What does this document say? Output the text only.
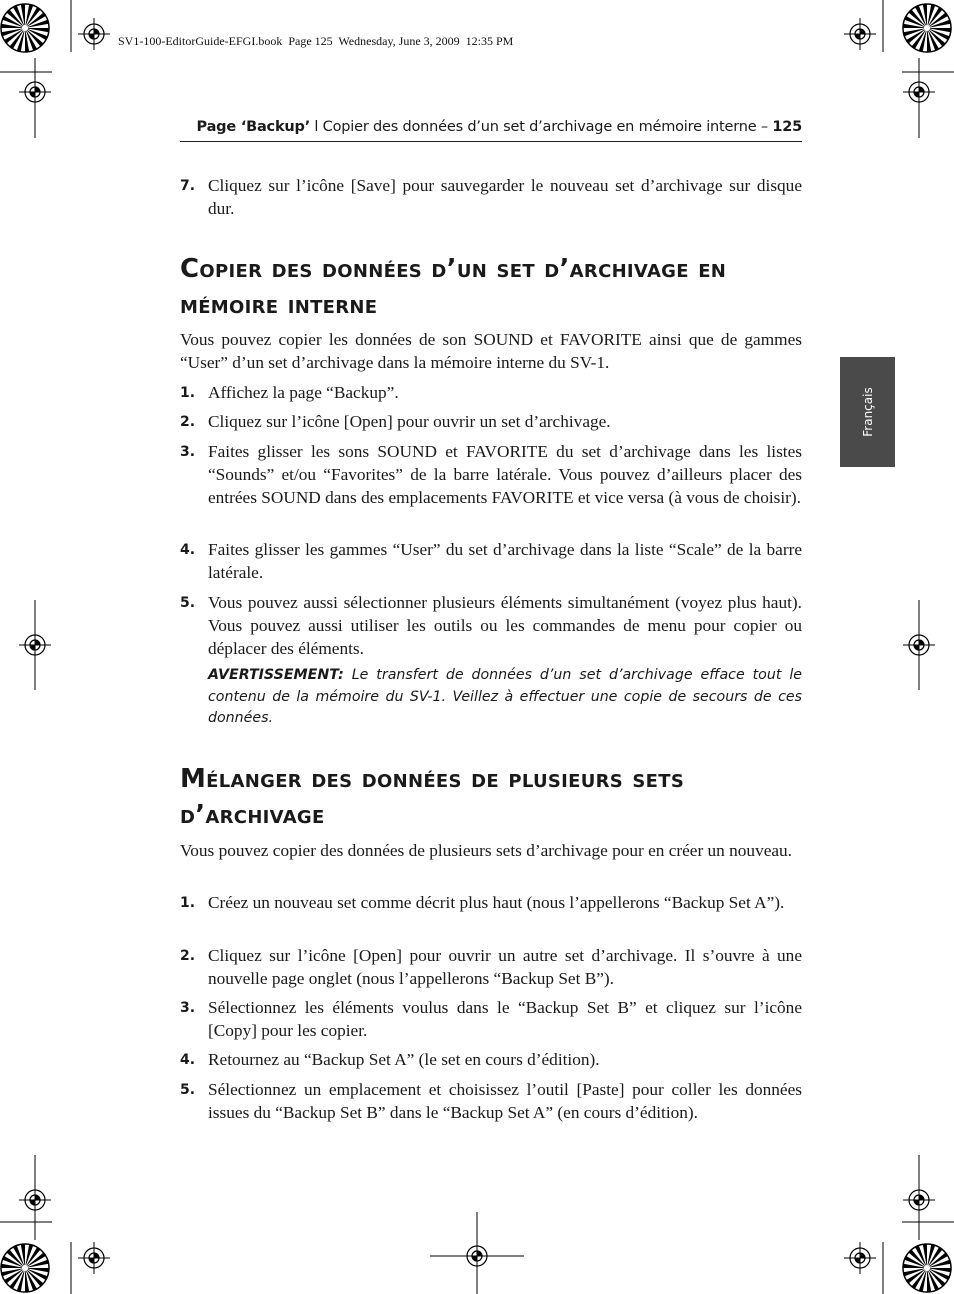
SV1-100-EditorGuide-EFGI.book  Page 125  Wednesday, June 3, 2009  12:35 PM
Page ‘Backup’ l Copier des données d’un set d’archivage en mémoire interne – 125
Français
7. Cliquez sur l’icône [Save] pour sauvegarder le nouveau set d’archivage sur disque dur.
Copier des données d’un set d’archivage en mémoire interne
Vous pouvez copier les données de son SOUND et FAVORITE ainsi que de gammes “User” d’un set d’archivage dans la mémoire interne du SV-1.
1. Affichez la page “Backup”.
2. Cliquez sur l’icône [Open] pour ouvrir un set d’archivage.
3. Faites glisser les sons SOUND et FAVORITE du set d’archivage dans les listes “Sounds” et/ou “Favorites” de la barre latérale. Vous pouvez d’ailleurs placer des entrées SOUND dans des emplacements FAVORITE et vice versa (à vous de choisir).
4. Faites glisser les gammes “User” du set d’archivage dans la liste “Scale” de la barre latérale.
5. Vous pouvez aussi sélectionner plusieurs éléments simultanément (voyez plus haut). Vous pouvez aussi utiliser les outils ou les commandes de menu pour copier ou déplacer des éléments.
AVERTISSEMENT: Le transfert de données d’un set d’archivage efface tout le contenu de la mémoire du SV-1. Veillez à effectuer une copie de secours de ces données.
Mélanger des données de plusieurs sets d’archivage
Vous pouvez copier des données de plusieurs sets d’archivage pour en créer un nouveau.
1. Créez un nouveau set comme décrit plus haut (nous l’appellerons “Backup Set A”).
2. Cliquez sur l’icône [Open] pour ouvrir un autre set d’archivage. Il s’ouvre à une nouvelle page onglet (nous l’appellerons “Backup Set B”).
3. Sélectionnez les éléments voulus dans le “Backup Set B” et cliquez sur l’icône [Copy] pour les copier.
4. Retournez au “Backup Set A” (le set en cours d’édition).
5. Sélectionnez un emplacement et choisissez l’outil [Paste] pour coller les données issues du “Backup Set B” dans le “Backup Set A” (en cours d’édition).
